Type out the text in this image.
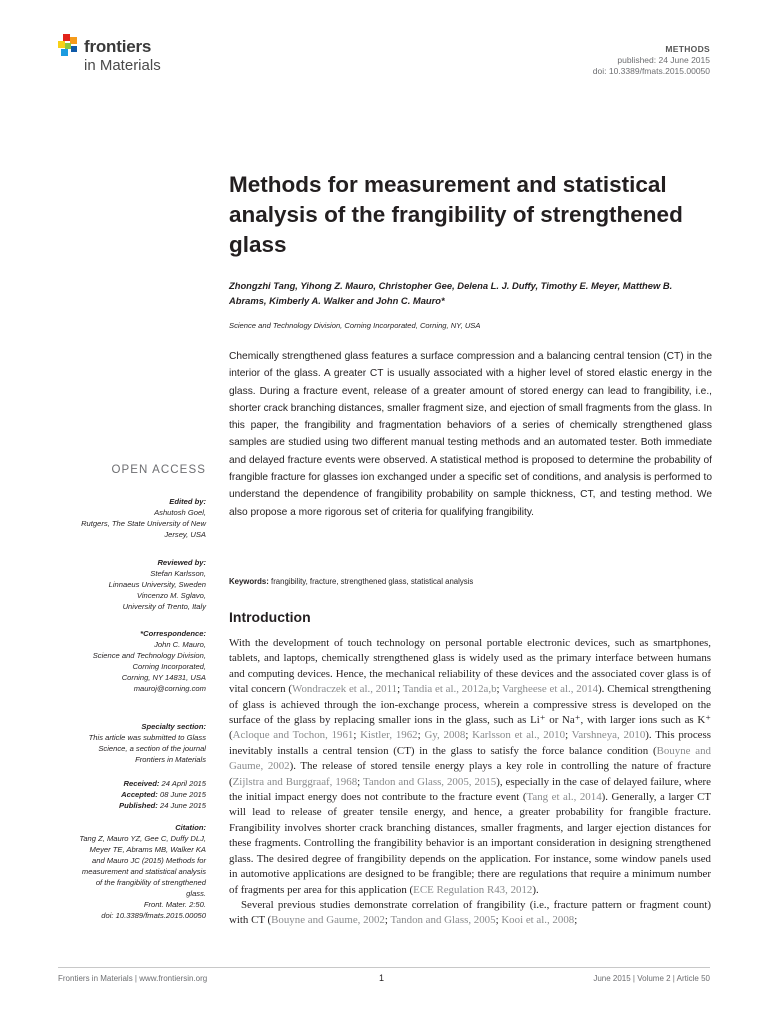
frontiers
in Materials
METHODS
published: 24 June 2015
doi: 10.3389/fmats.2015.00050
Methods for measurement and statistical analysis of the frangibility of strengthened glass
Zhongzhi Tang, Yihong Z. Mauro, Christopher Gee, Delena L. J. Duffy, Timothy E. Meyer, Matthew B. Abrams, Kimberly A. Walker and John C. Mauro*
Science and Technology Division, Corning Incorporated, Corning, NY, USA
Chemically strengthened glass features a surface compression and a balancing central tension (CT) in the interior of the glass. A greater CT is usually associated with a higher level of stored elastic energy in the glass. During a fracture event, release of a greater amount of stored energy can lead to frangibility, i.e., shorter crack branching distances, smaller fragment size, and ejection of small fragments from the glass. In this paper, the frangibility and fragmentation behaviors of a series of chemically strengthened glass samples are studied using two different manual testing methods and an automated tester. Both immediate and delayed fracture events were observed. A statistical method is proposed to determine the probability of frangible fracture for glasses ion exchanged under a specific set of conditions, and analysis is performed to understand the dependence of frangibility probability on sample thickness, CT, and testing method. We also propose a more rigorous set of criteria for qualifying frangibility.
Keywords: frangibility, fracture, strengthened glass, statistical analysis
OPEN ACCESS

Edited by:

Ashutosh Goel,

Rutgers, The State University of New

Jersey, USA

Reviewed by:

Stefan Karlsson,

Linnaeus University, Sweden

Vincenzo M. Sglavo,

University of Trento, Italy

*Correspondence:

John C. Mauro,

Science and Technology Division,

Corning Incorporated,

Corning, NY 14831, USA

mauroj@corning.com

Specialty section:

This article was submitted to Glass

Science, a section of the journal

Frontiers in Materials

Received: 24 April 2015

Accepted: 08 June 2015

Published: 24 June 2015

Citation:

Tang Z, Mauro YZ, Gee C, Duffy DLJ,

Meyer TE, Abrams MB, Walker KA

and Mauro JC (2015) Methods for

measurement and statistical analysis

of the frangibility of strengthened

glass.

Front. Mater. 2:50.

doi: 10.3389/fmats.2015.00050

Introduction

With the development of touch technology on personal portable electronic devices, such as smartphones, tablets, and laptops, chemically strengthened glass is widely used as the primary interface between humans and computing devices. Hence, the mechanical reliability of these devices and the associated cover glass is of vital concern (Wondraczek et al., 2011; Tandia et al., 2012a,b; Vargheese et al., 2014). Chemical strengthening of glass is achieved through the ion-exchange process, wherein a compressive stress is developed on the surface of the glass by replacing smaller ions in the glass, such as Li⁺ or Na⁺, with larger ions such as K⁺ (Acloque and Tochon, 1961; Kistler, 1962; Gy, 2008; Karlsson et al., 2010; Varshneya, 2010). This process inevitably installs a central tension (CT) in the glass to satisfy the force balance condition (Bouyne and Gaume, 2002). The release of stored tensile energy plays a key role in controlling the nature of fracture (Zijlstra and Burggraaf, 1968; Tandon and Glass, 2005, 2015), especially in the case of delayed failure, where the initial impact energy does not contribute to the fracture event (Tang et al., 2014). Generally, a larger CT will lead to release of greater tensile energy, and hence, a greater probability for frangible fracture. Frangibility involves shorter crack branching distances, smaller fragments, and larger ejection distances for these fragments. Controlling the frangibility behavior is an important consideration in designing strengthened glass. The desired degree of frangibility depends on the application. For instance, some window panels used in automotive applications are designed to be frangible; there are regulations that require a minimum number of fragments per area for this application (ECE Regulation R43, 2012).

Several previous studies demonstrate correlation of frangibility (i.e., fracture pattern or fragment count) with CT (Bouyne and Gaume, 2002; Tandon and Glass, 2005; Kooi et al., 2008;

Frontiers in Materials | www.frontiersin.org	1	June 2015 | Volume 2 | Article 50
